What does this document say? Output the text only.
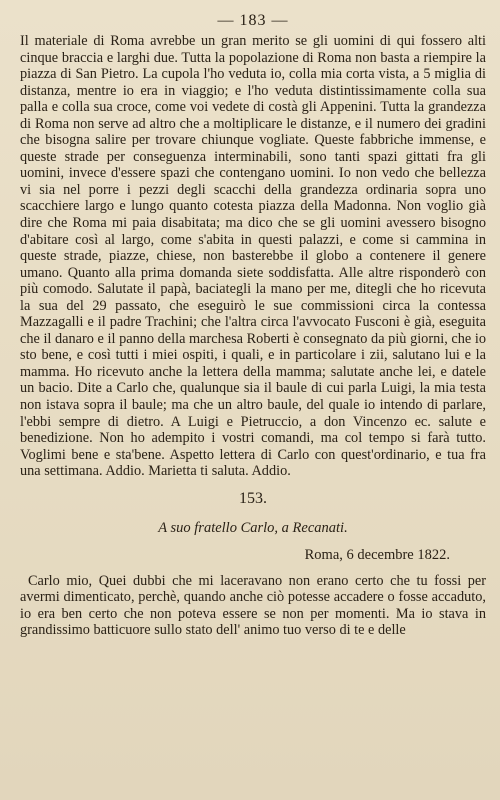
— 183 —

Il materiale di Roma avrebbe un gran merito se gli uomini di qui fossero alti cinque braccia e larghi due. Tutta la popolazione di Roma non basta a riempire la piazza di San Pietro. La cupola l'ho veduta io, colla mia corta vista, a 5 miglia di distanza, mentre io era in viaggio; e l'ho veduta distintissimamente colla sua palla e colla sua croce, come voi vedete di costà gli Appenini. Tutta la grandezza di Roma non serve ad altro che a moltiplicare le distanze, e il numero dei gradini che bisogna salire per trovare chiunque vogliate. Queste fabbriche immense, e queste strade per conseguenza interminabili, sono tanti spazi gittati fra gli uomini, invece d'essere spazi che contengano uomini. Io non vedo che bellezza vi sia nel porre i pezzi degli scacchi della grandezza ordinaria sopra uno scacchiere largo e lungo quanto cotesta piazza della Madonna. Non voglio già dire che Roma mi paia disabitata; ma dico che se gli uomini avessero bisogno d'abitare così al largo, come s'abita in questi palazzi, e come si cammina in queste strade, piazze, chiese, non basterebbe il globo a contenere il genere umano. Quanto alla prima domanda siete soddisfatta. Alle altre risponderò con più comodo. Salutate il papà, baciategli la mano per me, ditegli che ho ricevuta la sua del 29 passato, che eseguirò le sue commissioni circa la contessa Mazzagalli e il padre Trachini; che l'altra circa l'avvocato Fusconi è già, eseguita che il danaro e il panno della marchesa Roberti è consegnato da più giorni, che io sto bene, e così tutti i miei ospiti, i quali, e in particolare i zii, salutano lui e la mamma. Ho ricevuto anche la lettera della mamma; salutate anche lei, e datele un bacio. Dite a Carlo che, qualunque sia il baule di cui parla Luigi, la mia testa non istava sopra il baule; ma che un altro baule, del quale io intendo di parlare, l'ebbi sempre di dietro. A Luigi e Pietruccio, a don Vincenzo ec. salute e benedizione. Non ho adempito i vostri comandi, ma col tempo si farà tutto. Voglimi bene e sta'bene. Aspetto lettera di Carlo con quest'ordinario, e tua fra una settimana. Addio. Marietta ti saluta. Addio.

153.
A suo fratello Carlo, a Recanati.
Roma, 6 decembre 1822.

Carlo mio, Quei dubbi che mi laceravano non erano certo che tu fossi per avermi dimenticato, perchè, quando anche ciò potesse accadere o fosse accaduto, io era ben certo che non poteva essere se non per momenti. Ma io stava in grandissimo batticuore sullo stato dell' animo tuo verso di te e delle
